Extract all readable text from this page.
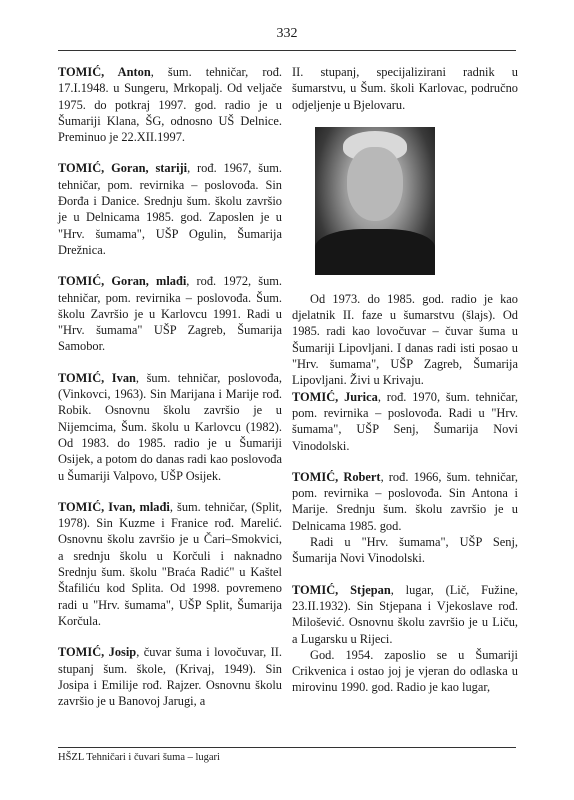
332

TOMIĆ, Anton, šum. tehničar, rođ. 17.I.1948. u Sungeru, Mrkopalj. Od veljače 1975. do potkraj 1997. god. radio je u Šumariji Klana, ŠG, odnosno UŠ Delnice. Preminuo je 22.XII.1997.

TOMIĆ, Goran, stariji, rođ. 1967, šum. tehničar, pom. revirnika – poslovođa. Sin Đorđa i Danice. Srednju šum. školu završio je u Delnicama 1985. god. Zaposlen je u "Hrv. šumama", UŠP Ogulin, Šumarija Drežnica.

TOMIĆ, Goran, mlađi, rođ. 1972, šum. tehničar, pom. revirnika – poslovođa. Šum. školu Završio je u Karlovcu 1991. Radi u "Hrv. šumama" UŠP Zagreb, Šumarija Samobor.

TOMIĆ, Ivan, šum. tehničar, poslovođa, (Vinkovci, 1963). Sin Marijana i Marije rođ. Robik. Osnovnu školu završio je u Nijemcima, Šum. školu u Karlovcu (1982). Od 1983. do 1985. radio je u Šumariji Osijek, a potom do danas radi kao poslovođa u Šumariji Valpovo, UŠP Osijek.

TOMIĆ, Ivan, mlađi, šum. tehničar, (Split, 1978). Sin Kuzme i Franice rođ. Marelić. Osnovnu školu završio je u Čari–Smokvici, a srednju školu u Korčuli i naknadno Srednju šum. školu "Braća Radić" u Kaštel Štafiliću kod Splita. Od 1998. povremeno radi u "Hrv. šumama", UŠP Split, Šumarija Korčula.

TOMIĆ, Josip, čuvar šuma i lovočuvar, II. stupanj šum. škole, (Krivaj, 1949). Sin Josipa i Emilije rođ. Rajzer. Osnovnu školu završio je u Banovoj Jarugi, a

II. stupanj, specijalizirani radnik u šumarstvu, u Šum. školi Karlovac, područno odjeljenje u Bjelovaru.

Od 1973. do 1985. god. radio je kao djelatnik II. faze u šumarstvu (šlajs). Od 1985. radi kao lovočuvar – čuvar šuma u Šumariji Lipovljani. I danas radi isti posao u "Hrv. šumama", UŠP Zagreb, Šumarija Lipovljani. Živi u Krivaju.

TOMIĆ, Jurica, rođ. 1970, šum. tehničar, pom. revirnika – poslovođa. Radi u "Hrv. šumama", UŠP Senj, Šumarija Novi Vinodolski.

TOMIĆ, Robert, rođ. 1966, šum. tehničar, pom. revirnika – poslovođa. Sin Antona i Marije. Srednju šum. školu završio je u Delnicama 1985. god.

Radi u "Hrv. šumama", UŠP Senj, Šumarija Novi Vinodolski.

TOMIĆ, Stjepan, lugar, (Lič, Fužine, 23.II.1932). Sin Stjepana i Vjekoslave rođ. Milošević. Osnovnu školu završio je u Liču, a Lugarsku u Rijeci.

God. 1954. zaposlio se u Šumariji Crikvenica i ostao joj je vjeran do odlaska u mirovinu 1990. god. Radio je kao lugar,

HŠZL Tehničari i čuvari šuma – lugari
